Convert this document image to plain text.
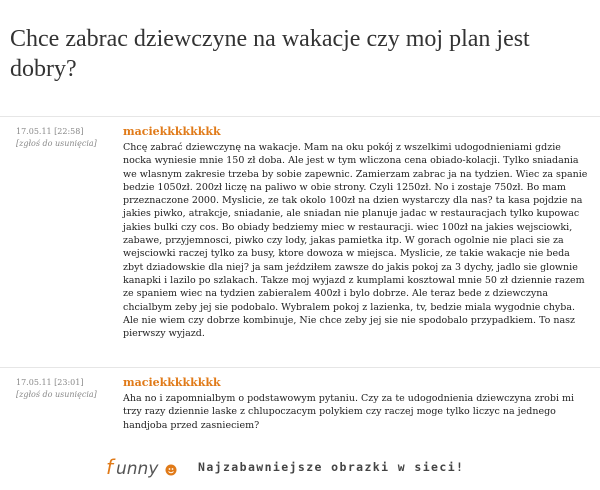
Chce zabrac dziewczyne na wakacje czy moj plan jest dobry?
17.05.11 [22:58]
[zgłoś do usunięcia]
maciekkkkkkkk
Chcę zabrać dziewczynę na wakacje. Mam na oku pokój z wszelkimi udogodnieniami gdzie nocka wyniesie mnie 150 zł doba. Ale jest w tym wliczona cena obiado-kolacji. Tylko sniadania we wlasnym zakresie trzeba by sobie zapewnic. Zamierzam zabrac ja na tydzien. Wiec za spanie bedzie 1050zł. 200zł liczę na paliwo w obie strony. Czyli 1250zł. No i zostaje 750zł. Bo mam przeznaczone 2000. Myslicie, ze tak okolo 100zł na dzien wystarczy dla nas? ta kasa pojdzie na jakies piwko, atrakcje, sniadanie, ale sniadan nie planuje jadac w restauracjach tylko kupowac jakies bulki czy cos. Bo obiady bedziemy miec w restauracji. wiec 100zł na jakies wejsciowki, zabawe, przyjemnosci, piwko czy lody, jakas pamietka itp. W gorach ogolnie nie placi sie za wejsciowki raczej tylko za busy, ktore dowoza w miejsca. Myslicie, ze takie wakacje nie beda zbyt dziadowskie dla niej? ja sam jeździłem zawsze do jakis pokoj za 3 dychy, jadlo sie glownie kanapki i lazilo po szlakach. Takze moj wyjazd z kumplami kosztowal mnie 50 zł dziennie razem ze spaniem wiec na tydzien zabieralem 400zł i bylo dobrze. Ale teraz bede z dziewczyna chcialbym zeby jej sie podobalo. Wybralem pokoj z lazienka, tv, bedzie miala wygodnie chyba. Ale nie wiem czy dobrze kombinuje, Nie chce zeby jej sie nie spodobalo przypadkiem. To nasz pierwszy wyjazd.
17.05.11 [23:01]
[zgłoś do usunięcia]
maciekkkkkkkk
Aha no i zapomnialbym o podstawowym pytaniu. Czy za te udogodnienia dziewczyna zrobi mi trzy razy dziennie laske z chlupoczacym polykiem czy raczej moge tylko liczyc na jednego handjoba przed zasnieciem?
f unny	Najzabawniejsze obrazki w sieci!
